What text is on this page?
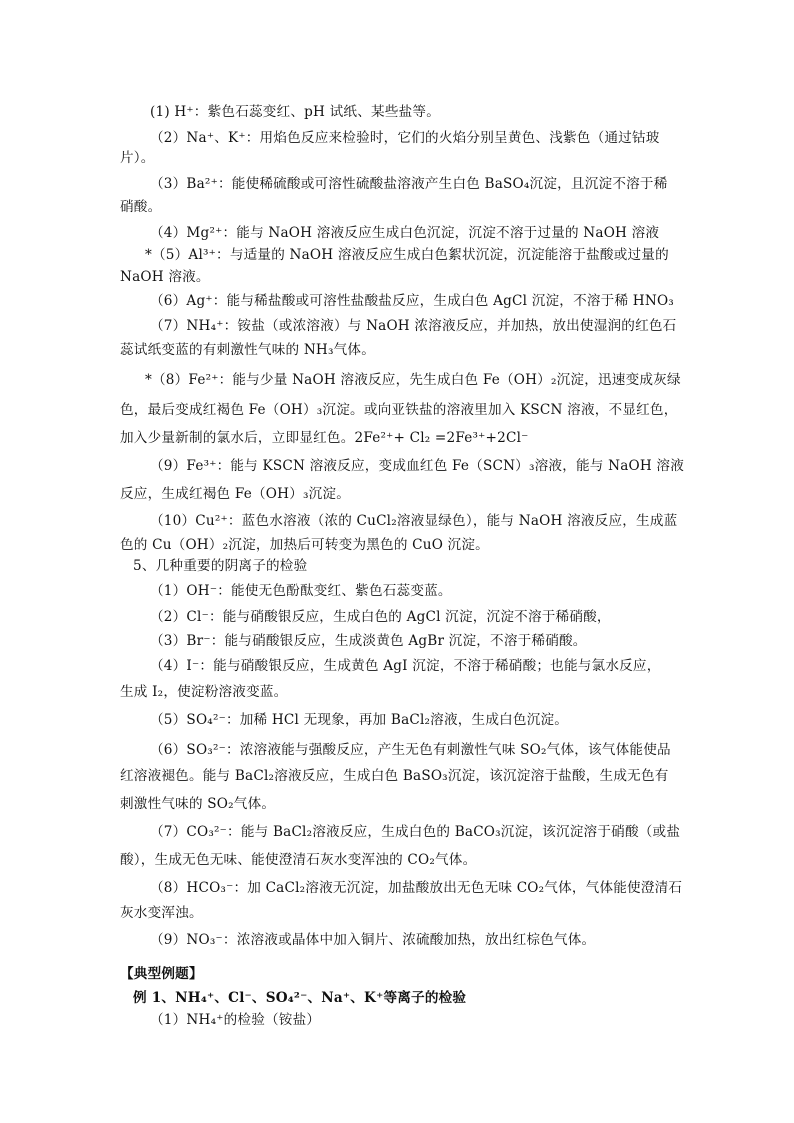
(1) H⁺：紫色石蕊变红、pH 试纸、某些盐等。
（2）Na⁺、K⁺：用焰色反应来检验时，它们的火焰分别呈黄色、浅紫色（通过钴玻
片）。
（3）Ba²⁺：能使稀硫酸或可溶性硫酸盐溶液产生白色 BaSO₄沉淀，且沉淀不溶于稀
硝酸。
（4）Mg²⁺：能与 NaOH 溶液反应生成白色沉淀，沉淀不溶于过量的 NaOH 溶液
*（5）Al³⁺：与适量的 NaOH 溶液反应生成白色絮状沉淀，沉淀能溶于盐酸或过量的
NaOH 溶液。
（6）Ag⁺：能与稀盐酸或可溶性盐酸盐反应，生成白色 AgCl 沉淀，不溶于稀 HNO₃
（7）NH₄⁺：铵盐（或浓溶液）与 NaOH 浓溶液反应，并加热，放出使湿润的红色石
蕊试纸变蓝的有刺激性气味的 NH₃气体。
*（8）Fe²⁺：能与少量 NaOH 溶液反应，先生成白色 Fe（OH）₂沉淀，迅速变成灰绿
色，最后变成红褐色 Fe（OH）₃沉淀。或向亚铁盐的溶液里加入 KSCN 溶液，不显红色，
加入少量新制的氯水后，立即显红色。2Fe²⁺+ Cl₂ =2Fe³⁺+2Cl⁻
（9）Fe³⁺：能与 KSCN 溶液反应，变成血红色 Fe（SCN）₃溶液，能与 NaOH 溶液
反应，生成红褐色 Fe（OH）₃沉淀。
（10）Cu²⁺：蓝色水溶液（浓的 CuCl₂溶液显绿色），能与 NaOH 溶液反应，生成蓝
色的 Cu（OH）₂沉淀，加热后可转变为黑色的 CuO 沉淀。
5、几种重要的阴离子的检验
（1）OH⁻：能使无色酚酞变红、紫色石蕊变蓝。
（2）Cl⁻：能与硝酸银反应，生成白色的 AgCl 沉淀，沉淀不溶于稀硝酸，
（3）Br⁻：能与硝酸银反应，生成淡黄色 AgBr 沉淀，不溶于稀硝酸。
（4）I⁻：能与硝酸银反应，生成黄色 AgI 沉淀，不溶于稀硝酸；也能与氯水反应，
生成 I₂，使淀粉溶液变蓝。
（5）SO₄²⁻：加稀 HCl 无现象，再加 BaCl₂溶液，生成白色沉淀。
（6）SO₃²⁻：浓溶液能与强酸反应，产生无色有刺激性气味 SO₂气体，该气体能使品
红溶液褪色。能与 BaCl₂溶液反应，生成白色 BaSO₃沉淀，该沉淀溶于盐酸，生成无色有
刺激性气味的 SO₂气体。
（7）CO₃²⁻：能与 BaCl₂溶液反应，生成白色的 BaCO₃沉淀，该沉淀溶于硝酸（或盐
酸），生成无色无味、能使澄清石灰水变浑浊的 CO₂气体。
（8）HCO₃⁻：加 CaCl₂溶液无沉淀，加盐酸放出无色无味 CO₂气体，气体能使澄清石
灰水变浑浊。
（9）NO₃⁻：浓溶液或晶体中加入铜片、浓硫酸加热，放出红棕色气体。
【典型例题】
例 1、NH₄⁺、Cl⁻、SO₄²⁻、Na⁺、K⁺等离子的检验
（1）NH₄⁺的检验（铵盐）
